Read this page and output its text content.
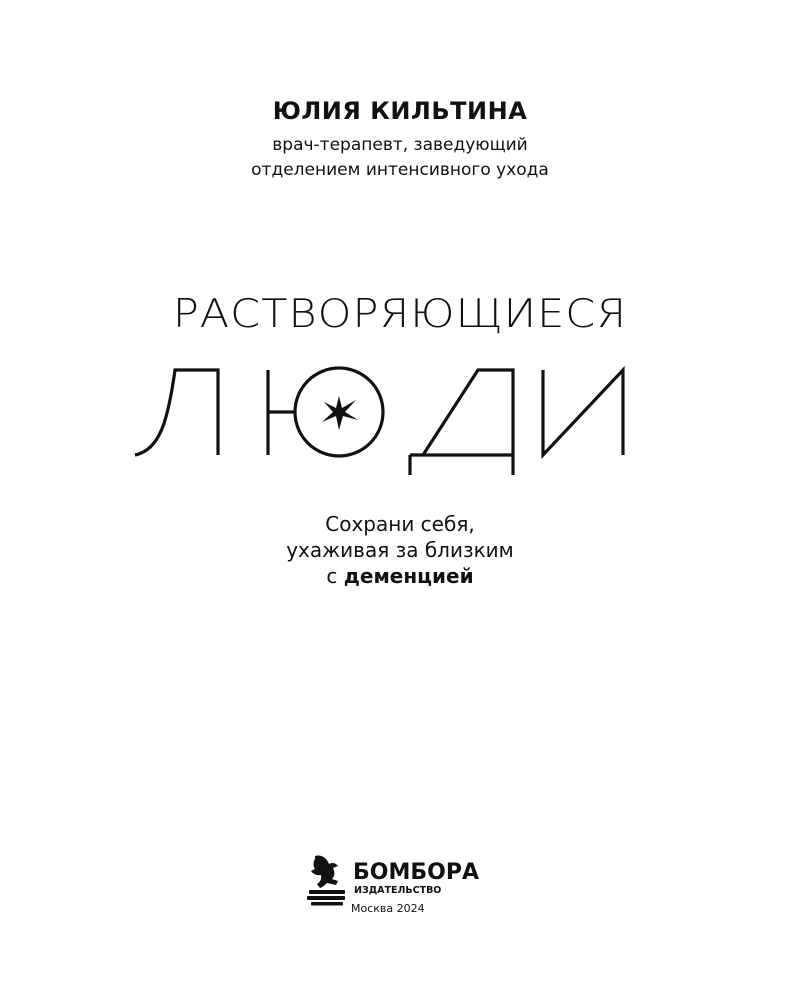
ЮЛИЯ КИЛЬТИНА
врач-терапевт, заведующий
отделением интенсивного ухода
РАСТВОРЯЮЩИЕСЯ
Сохрани себя,
ухаживая за близким
с деменцией
БОМБОРА
ИЗДАТЕЛЬСТВО
Москва 2024
